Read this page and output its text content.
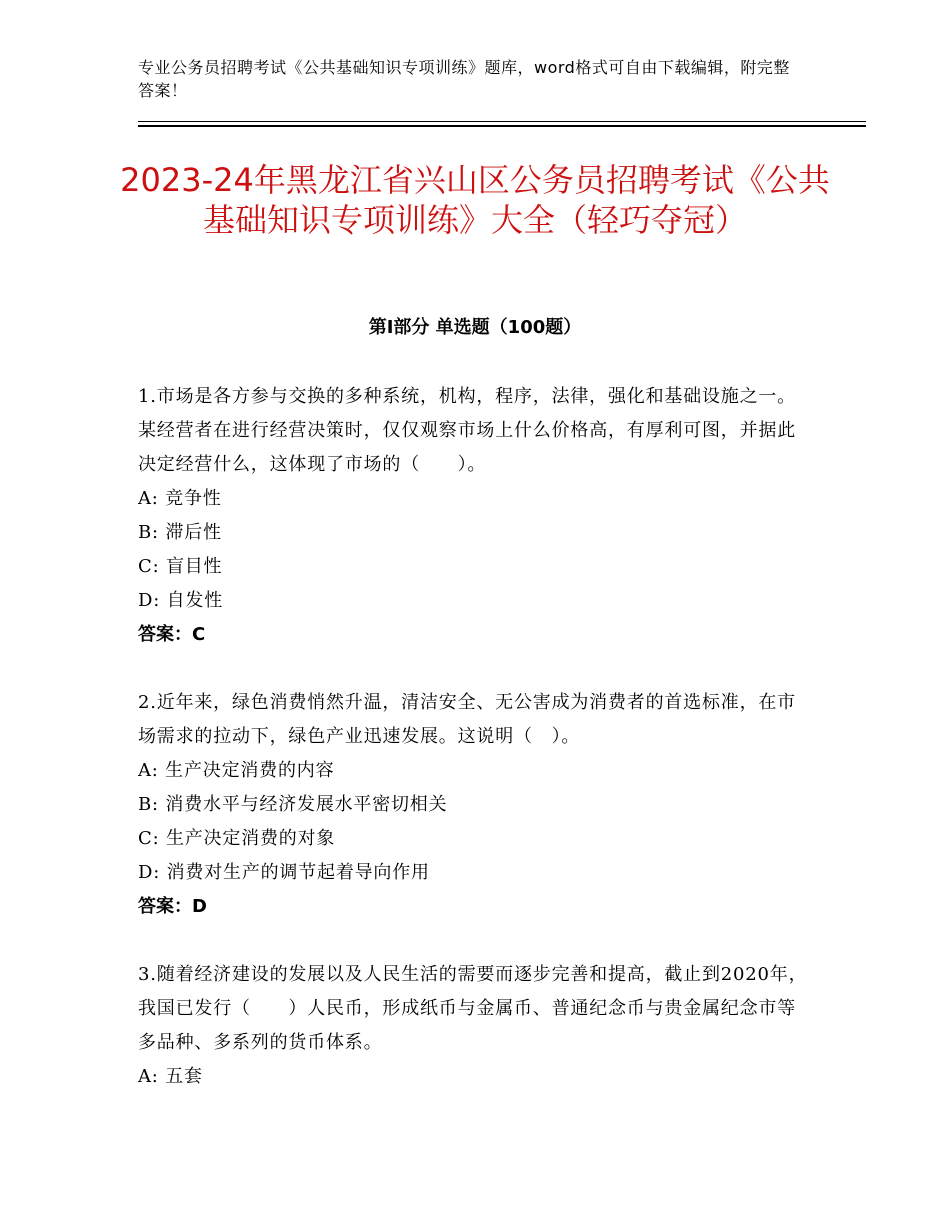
专业公务员招聘考试《公共基础知识专项训练》题库，word格式可自由下载编辑，附完整答案！
2023-24年黑龙江省兴山区公务员招聘考试《公共基础知识专项训练》大全（轻巧夺冠）
第Ⅰ部分 单选题（100题）
1.市场是各方参与交换的多种系统，机构，程序，法律，强化和基础设施之一。某经营者在进行经营决策时，仅仅观察市场上什么价格高，有厚利可图，并据此决定经营什么，这体现了市场的（　　）。
A: 竞争性
B: 滞后性
C: 盲目性
D: 自发性
答案：C
2.近年来，绿色消费悄然升温，清洁安全、无公害成为消费者的首选标准，在市场需求的拉动下，绿色产业迅速发展。这说明（　）。
A: 生产决定消费的内容
B: 消费水平与经济发展水平密切相关
C: 生产决定消费的对象
D: 消费对生产的调节起着导向作用
答案：D
3.随着经济建设的发展以及人民生活的需要而逐步完善和提高，截止到2020年，我国已发行（　　）人民币，形成纸币与金属币、普通纪念币与贵金属纪念市等多品种、多系列的货币体系。
A: 五套
